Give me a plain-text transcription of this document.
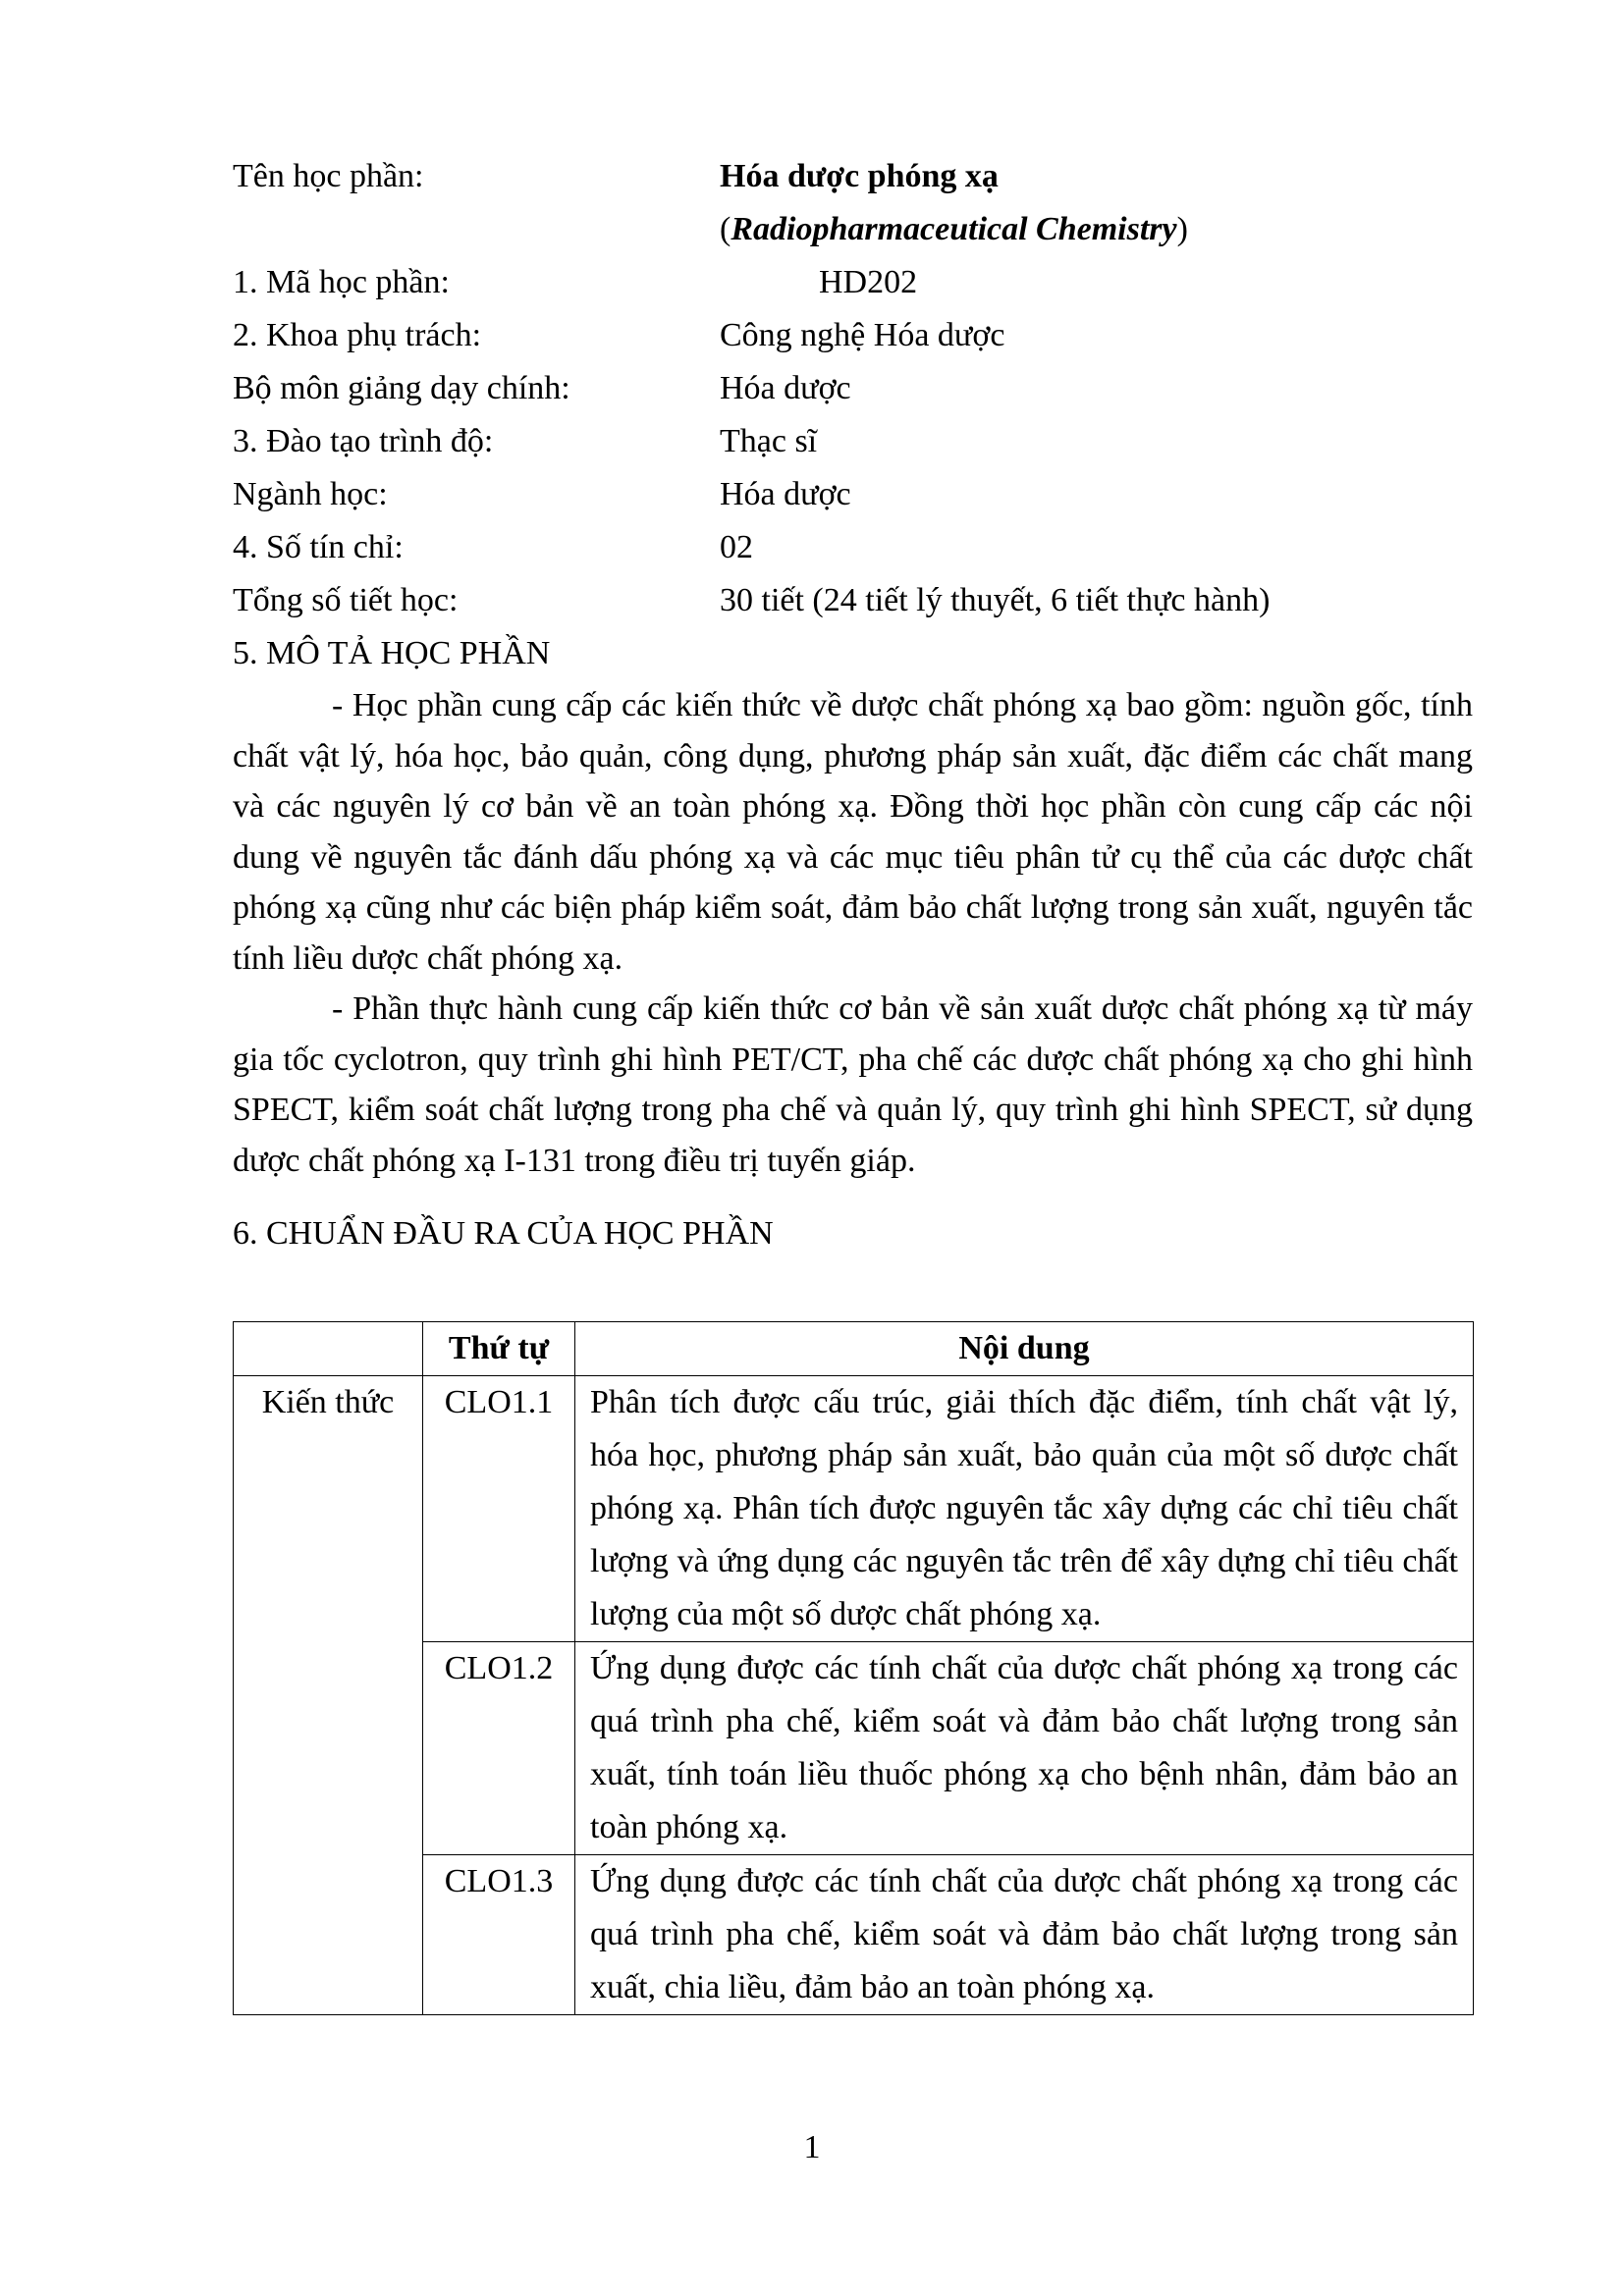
Tên học phần:	Hóa dược phóng xạ
(Radiopharmaceutical Chemistry)
1. Mã học phần:	HD202
2. Khoa phụ trách:	Công nghệ Hóa dược
Bộ môn giảng dạy chính:	Hóa dược
3. Đào tạo trình độ:	Thạc sĩ
Ngành học:	Hóa dược
4. Số tín chỉ:	02
Tổng số tiết học:	30 tiết (24 tiết lý thuyết, 6 tiết thực hành)
5. MÔ TẢ HỌC PHẦN

- Học phần cung cấp các kiến thức về dược chất phóng xạ bao gồm: nguồn gốc, tính chất vật lý, hóa học, bảo quản, công dụng, phương pháp sản xuất, đặc điểm các chất mang và các nguyên lý cơ bản về an toàn phóng xạ. Đồng thời học phần còn cung cấp các nội dung về nguyên tắc đánh dấu phóng xạ và các mục tiêu phân tử cụ thể của các dược chất phóng xạ cũng như các biện pháp kiểm soát, đảm bảo chất lượng trong sản xuất, nguyên tắc tính liều dược chất phóng xạ.

- Phần thực hành cung cấp kiến thức cơ bản về sản xuất dược chất phóng xạ từ máy gia tốc cyclotron, quy trình ghi hình PET/CT, pha chế các dược chất phóng xạ cho ghi hình SPECT, kiểm soát chất lượng trong pha chế và quản lý, quy trình ghi hình SPECT, sử dụng dược chất phóng xạ I-131 trong điều trị tuyến giáp.

6. CHUẨN ĐẦU RA CỦA HỌC PHẦN
	Thứ tự	Nội dung
Kiến thức	CLO1.1	Phân tích được cấu trúc, giải thích đặc điểm, tính chất vật lý, hóa học, phương pháp sản xuất, bảo quản của một số dược chất phóng xạ. Phân tích được nguyên tắc xây dựng các chỉ tiêu chất lượng và ứng dụng các nguyên tắc trên để xây dựng chỉ tiêu chất lượng của một số dược chất phóng xạ.
	CLO1.2	Ứng dụng được các tính chất của dược chất phóng xạ trong các quá trình pha chế, kiểm soát và đảm bảo chất lượng trong sản xuất, tính toán liều thuốc phóng xạ cho bệnh nhân, đảm bảo an toàn phóng xạ.
	CLO1.3	Ứng dụng được các tính chất của dược chất phóng xạ trong các quá trình pha chế, kiểm soát và đảm bảo chất lượng trong sản xuất, chia liều, đảm bảo an toàn phóng xạ.
1
